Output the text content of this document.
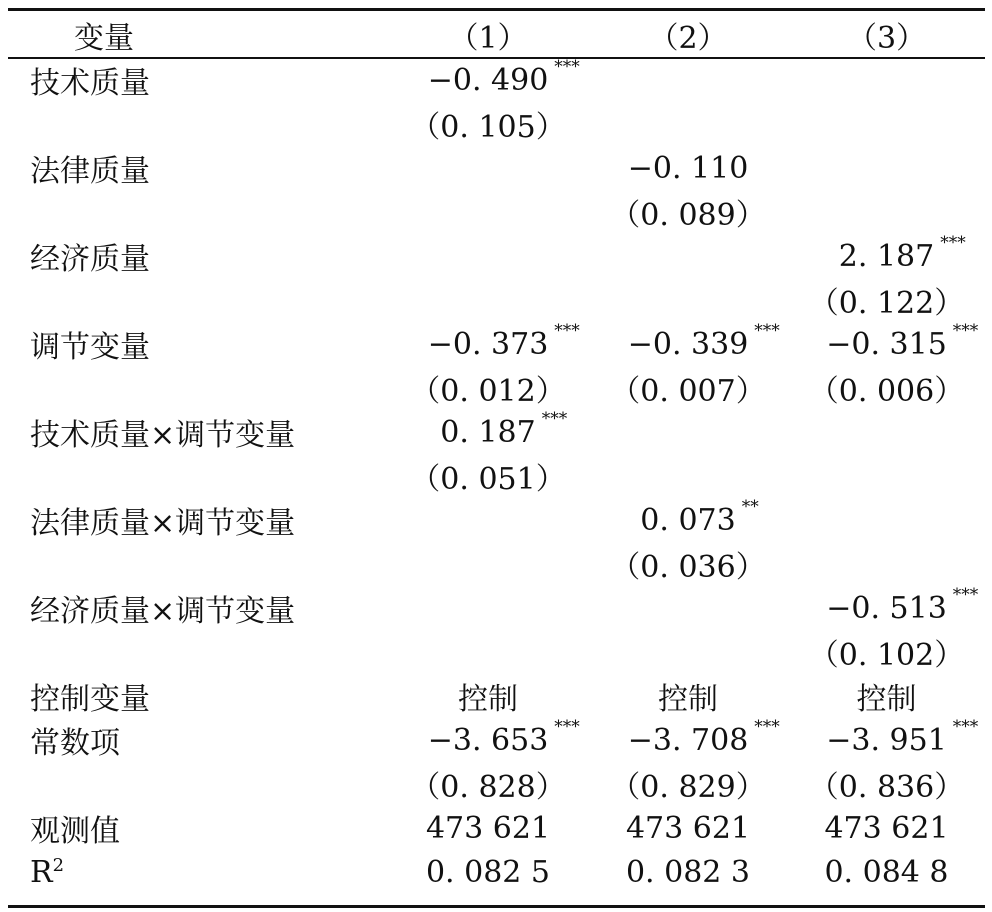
变量	（1）	（2）	（3）
技术质量	−0. 490 ***		

	（0. 105）		
法律质量		−0. 110	
		（0. 089）	
经济质量			2. 187 ***

			（0. 122）
调节变量	−0. 373 ***	−0. 339 ***	−0. 315 ***

	（0. 012）	（0. 007）	（0. 006）
技术质量×调节变量	0. 187 ***		

	（0. 051）		
法律质量×调节变量		0. 073 **	

		（0. 036）	
经济质量×调节变量			−0. 513 ***

			（0. 102）
控制变量	控制	控制	控制
常数项	−3. 653 ***	−3. 708 ***	−3. 951 ***

	（0. 828）	（0. 829）	（0. 836）
观测值	473 621	473 621	473 621
$R^2$	0. 082 5	0. 082 3	0. 084 8
